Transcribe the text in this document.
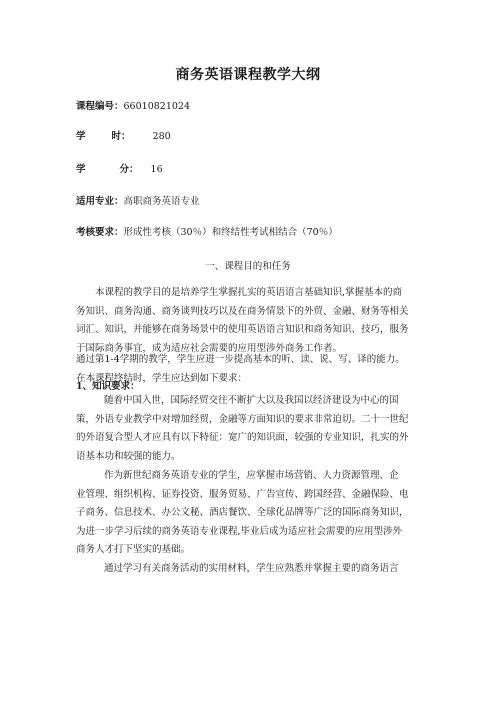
商务英语课程教学大纲
课程编号：66010821024
学	时： 280
学	分： 16
适用专业：高职商务英语专业
考核要求：形成性考核（30％）和终结性考试相结合（70％）
一、课程目的和任务
本课程的教学目的是培养学生掌握扎实的英语语言基础知识,掌握基本的商
务知识、商务沟通、商务谈判技巧以及在商务情景下的外贸、金融、财务等相关
词汇、知识，并能够在商务场景中的使用英语语言知识和商务知识、技巧，服务
于国际商务事宜，成为适应社会需要的应用型涉外商务工作者。
通过第1-4学期的教学，学生应进一步提高基本的听、读、说、写、译的能力。
在本课程终结时，学生应达到如下要求：
1、知识要求：
随着中国入世，国际经贸交往不断扩大以及我国以经济建设为中心的国
策，外语专业教学中对增加经贸，金融等方面知识的要求非常迫切。二十一世纪
的外语复合型人才应具有以下特征：宽广的知识面，较强的专业知识，扎实的外
语基本功和较强的能力。
作为新世纪商务英语专业的学生，应掌握市场营销、人力资源管理、企
业管理、组织机构、证券投资、服务贸易、广告宣传、跨国经营、金融保险、电
子商务、信息技术、办公文秘、酒店餐饮、全球化品牌等广泛的国际商务知识，
为进一步学习后续的商务英语专业课程,毕业后成为适应社会需要的应用型涉外
商务人才打下坚实的基础。
通过学习有关商务活动的实用材料，学生应熟悉并掌握主要的商务语言
